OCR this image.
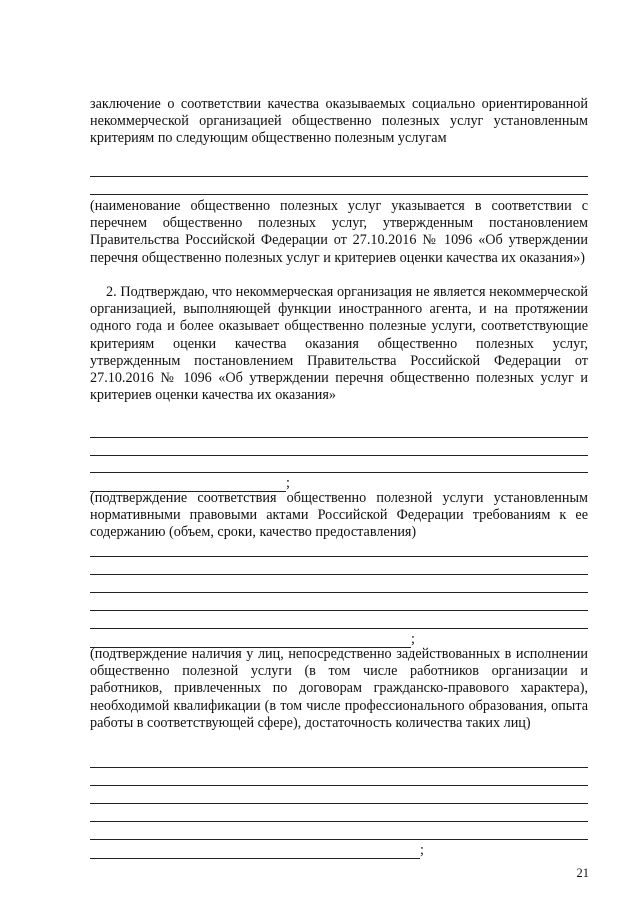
заключение о соответствии качества оказываемых социально ориентированной некоммерческой организацией общественно полезных услуг установленным критериям по следующим общественно полезным услугам
(наименование общественно полезных услуг указывается в соответствии с перечнем общественно полезных услуг, утвержденным постановлением Правительства Российской Федерации от 27.10.2016 № 1096 «Об утверждении перечня общественно полезных услуг и критериев оценки качества их оказания»)
2. Подтверждаю, что некоммерческая организация не является некоммерческой организацией, выполняющей функции иностранного агента, и на протяжении одного года и более оказывает общественно полезные услуги, соответствующие критериям оценки качества оказания общественно полезных услуг, утвержденным постановлением Правительства Российской Федерации от 27.10.2016 № 1096 «Об утверждении перечня общественно полезных услуг и критериев оценки качества их оказания»
;
(подтверждение соответствия общественно полезной услуги установленным нормативными правовыми актами Российской Федерации требованиям к ее содержанию (объем, сроки, качество предоставления)
;
(подтверждение наличия у лиц, непосредственно задействованных в исполнении общественно полезной услуги (в том числе работников организации и работников, привлеченных по договорам гражданско-правового характера), необходимой квалификации (в том числе профессионального образования, опыта работы в соответствующей сфере), достаточность количества таких лиц)
;
21
